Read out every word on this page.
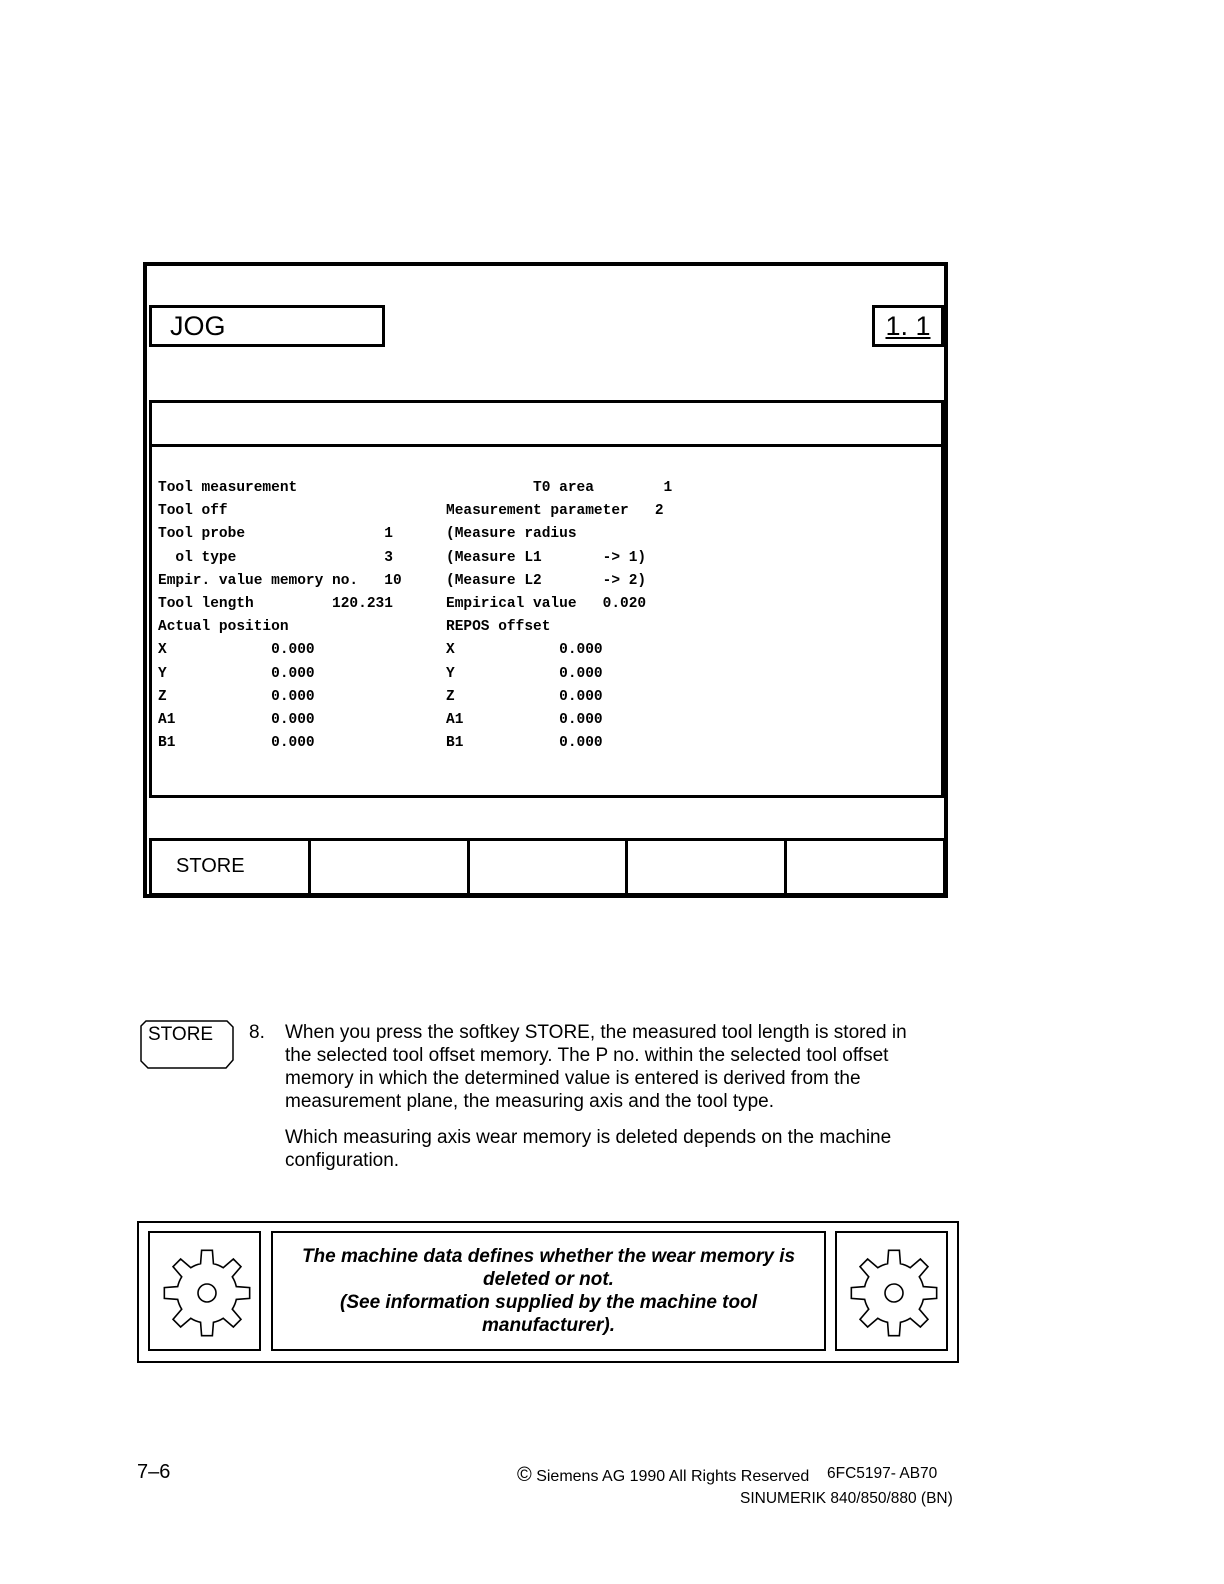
JOG	1. 1
Tool measurement	T0 area        1
Tool off	Measurement parameter   2
Tool probe                1	(Measure radius
ol type                 3	(Measure L1       -> 1)
Empir. value memory no.   10	(Measure L2       -> 2)
Tool length         120.231	Empirical value   0.020
Actual position	REPOS offset
X            0.000	X            0.000
Y            0.000	Y            0.000
Z            0.000	Z            0.000
A1           0.000	A1           0.000
B1           0.000	B1           0.000
STORE
STORE 8. When you press the softkey STORE, the measured tool length is stored in the selected tool offset memory. The P no. within the selected tool offset memory in which the determined value is entered is derived from the measurement plane, the measuring axis and the tool type.
Which measuring axis wear memory is deleted depends on the machine configuration.
The machine data defines whether the wear memory is deleted or not.
(See information supplied by the machine tool manufacturer).
7–6	© Siemens AG 1990 All Rights Reserved 6FC5197- AB70
SINUMERIK 840/850/880 (BN)
